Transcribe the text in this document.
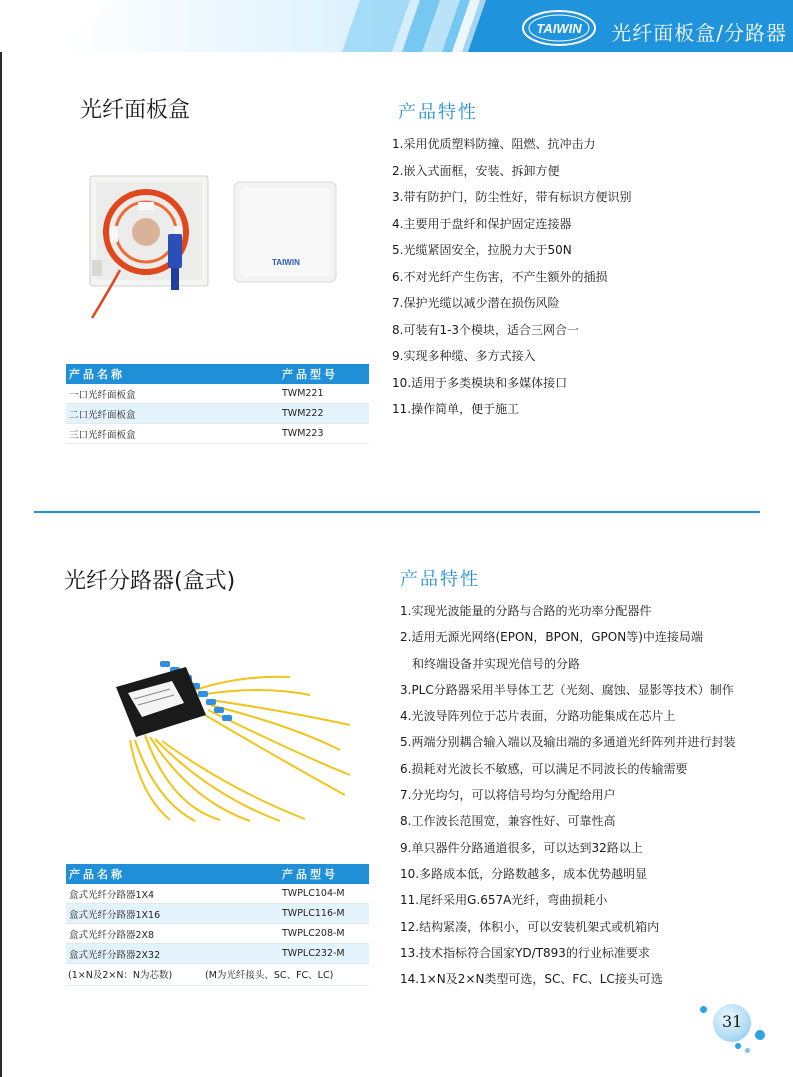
TAIWIN 光纤面板盒/分路器
光纤面板盒	产品特性
1.采用优质塑料防撞、阻燃、抗冲击力
2.嵌入式面框，安装、拆卸方便
3.带有防护门，防尘性好，带有标识方便识别
4.主要用于盘纤和保护固定连接器
5.光缆紧固安全，拉脱力大于50N
6.不对光纤产生伤害，不产生额外的插损
7.保护光缆以减少潜在损伤风险
8.可装有1-3个模块，适合三网合一
9.实现多种缆、多方式接入
10.适用于多类模块和多媒体接口
11.操作简单，便于施工
TAIWIN
产品名称	产品型号
一口光纤面板盒	TWM221
二口光纤面板盒	TWM222
三口光纤面板盒	TWM223
光纤分路器(盒式)	产品特性
1.实现光波能量的分路与合路的光功率分配器件
2.适用无源光网络(EPON，BPON，GPON等)中连接局端
和终端设备并实现光信号的分路
3.PLC分路器采用半导体工艺（光刻、腐蚀、显影等技术）制作
4.光波导阵列位于芯片表面，分路功能集成在芯片上
5.两端分别耦合输入端以及输出端的多通道光纤阵列并进行封装
6.损耗对光波长不敏感，可以满足不同波长的传输需要
7.分光均匀，可以将信号均匀分配给用户
8.工作波长范围宽，兼容性好、可靠性高
9.单只器件分路通道很多，可以达到32路以上
10.多路成本低，分路数越多，成本优势越明显
11.尾纤采用G.657A光纤，弯曲损耗小
12.结构紧凑，体积小，可以安装机架式或机箱内
13.技术指标符合国家YD/T893的行业标准要求
14.1×N及2×N类型可选，SC、FC、LC接头可选
产品名称	产品型号
盒式光纤分路器1X4	TWPLC104-M
盒式光纤分路器1X16	TWPLC116-M
盒式光纤分路器2X8	TWPLC208-M
盒式光纤分路器2X32	TWPLC232-M
(1×N及2×N：N为芯数)	(M为光纤接头、SC、FC、LC)
31
